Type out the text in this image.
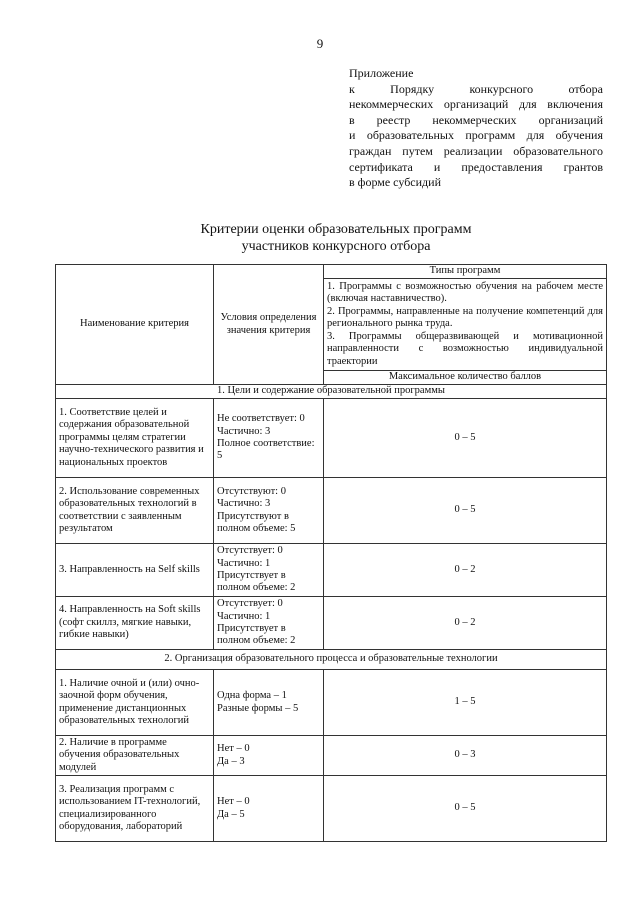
9
Приложение
к Порядку конкурсного отбора
некоммерческих организаций для включения
в реестр некоммерческих организаций
и образовательных программ для обучения
граждан путем реализации образовательного
сертификата и предоставления грантов
в форме субсидий
Критерии оценки образовательных программ
участников конкурсного отбора
Наименование критерия	Условия определения значения критерия	Типы программ

		1. Программы с возможностью обучения на рабочем месте (включая наставничество).
2. Программы, направленные на получение компетенций для регионального рынка труда.
3. Программы общеразвивающей и мотивационной направленности с возможностью индивидуальной траектории

		Максимальное количество баллов
1. Цели и содержание образовательной программы		
1. Соответствие целей и содержания образовательной программы целям стратегии научно-технического развития и национальных проектов	Не соответствует: 0
Частично: 3
Полное соответствие: 5	0 – 5
2. Использование современных образовательных технологий в соответствии с заявленным результатом	Отсутствуют: 0
Частично: 3
Присутствуют в полном объеме: 5	0 – 5
3. Направленность на Self skills	Отсутствует: 0
Частично: 1
Присутствует в полном объеме: 2	0 – 2
4. Направленность на Soft skills (софт скиллз, мягкие навыки, гибкие навыки)	Отсутствует: 0
Частично: 1
Присутствует в полном объеме: 2	0 – 2
2. Организация образовательного процесса и образовательные технологии		
1. Наличие очной и (или) очно-заочной форм обучения, применение дистанционных образовательных технологий	Одна форма – 1
Разные формы – 5	1 – 5
2. Наличие в программе обучения образовательных модулей	Нет – 0
Да – 3	0 – 3
3. Реализация программ с использованием IT-технологий, специализированного оборудования, лабораторий	Нет – 0
Да – 5	0 – 5
